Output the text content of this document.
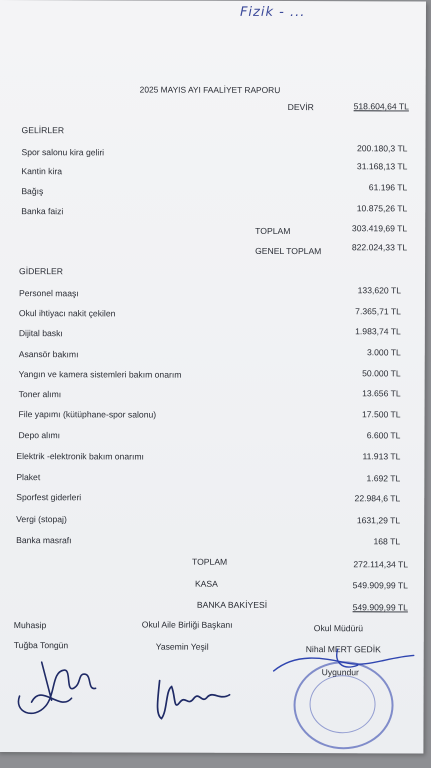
Fizik - ...
2025 MAYIS AYI FAALİYET RAPORU
DEVİR	518.604,64 TL
GELİRLER
Spor salonu kira geliri	200.180,3 TL
Kantin kira	31.168,13 TL
Bağış	61.196 TL
Banka faizi	10.875,26 TL
TOPLAM	303.419,69 TL
GENEL TOPLAM	822.024,33 TL
GİDERLER
Personel maaşı	133,620 TL
Okul ihtiyacı nakit çekilen	7.365,71 TL
Dijital baskı	1.983,74 TL
Asansör bakımı	3.000 TL
Yangın ve kamera sistemleri bakım onarım	50.000 TL
Toner alımı	13.656 TL
File yapımı (kütüphane-spor salonu)	17.500 TL
Depo alımı	6.600 TL
Elektrik -elektronik bakım onarımı	11.913 TL
Plaket	1.692 TL
Sporfest giderleri	22.984,6 TL
Vergi (stopaj)	1631,29 TL
Banka masrafı	168 TL
TOPLAM	272.114,34 TL
KASA	549.909,99 TL
BANKA BAKİYESİ	549.909,99 TL
Muhasip
Tuğba Tongün
Okul Aile Birliği Başkanı
Yasemin Yeşil
Okul Müdürü
Nihal MERT GEDİK
Uygundur
